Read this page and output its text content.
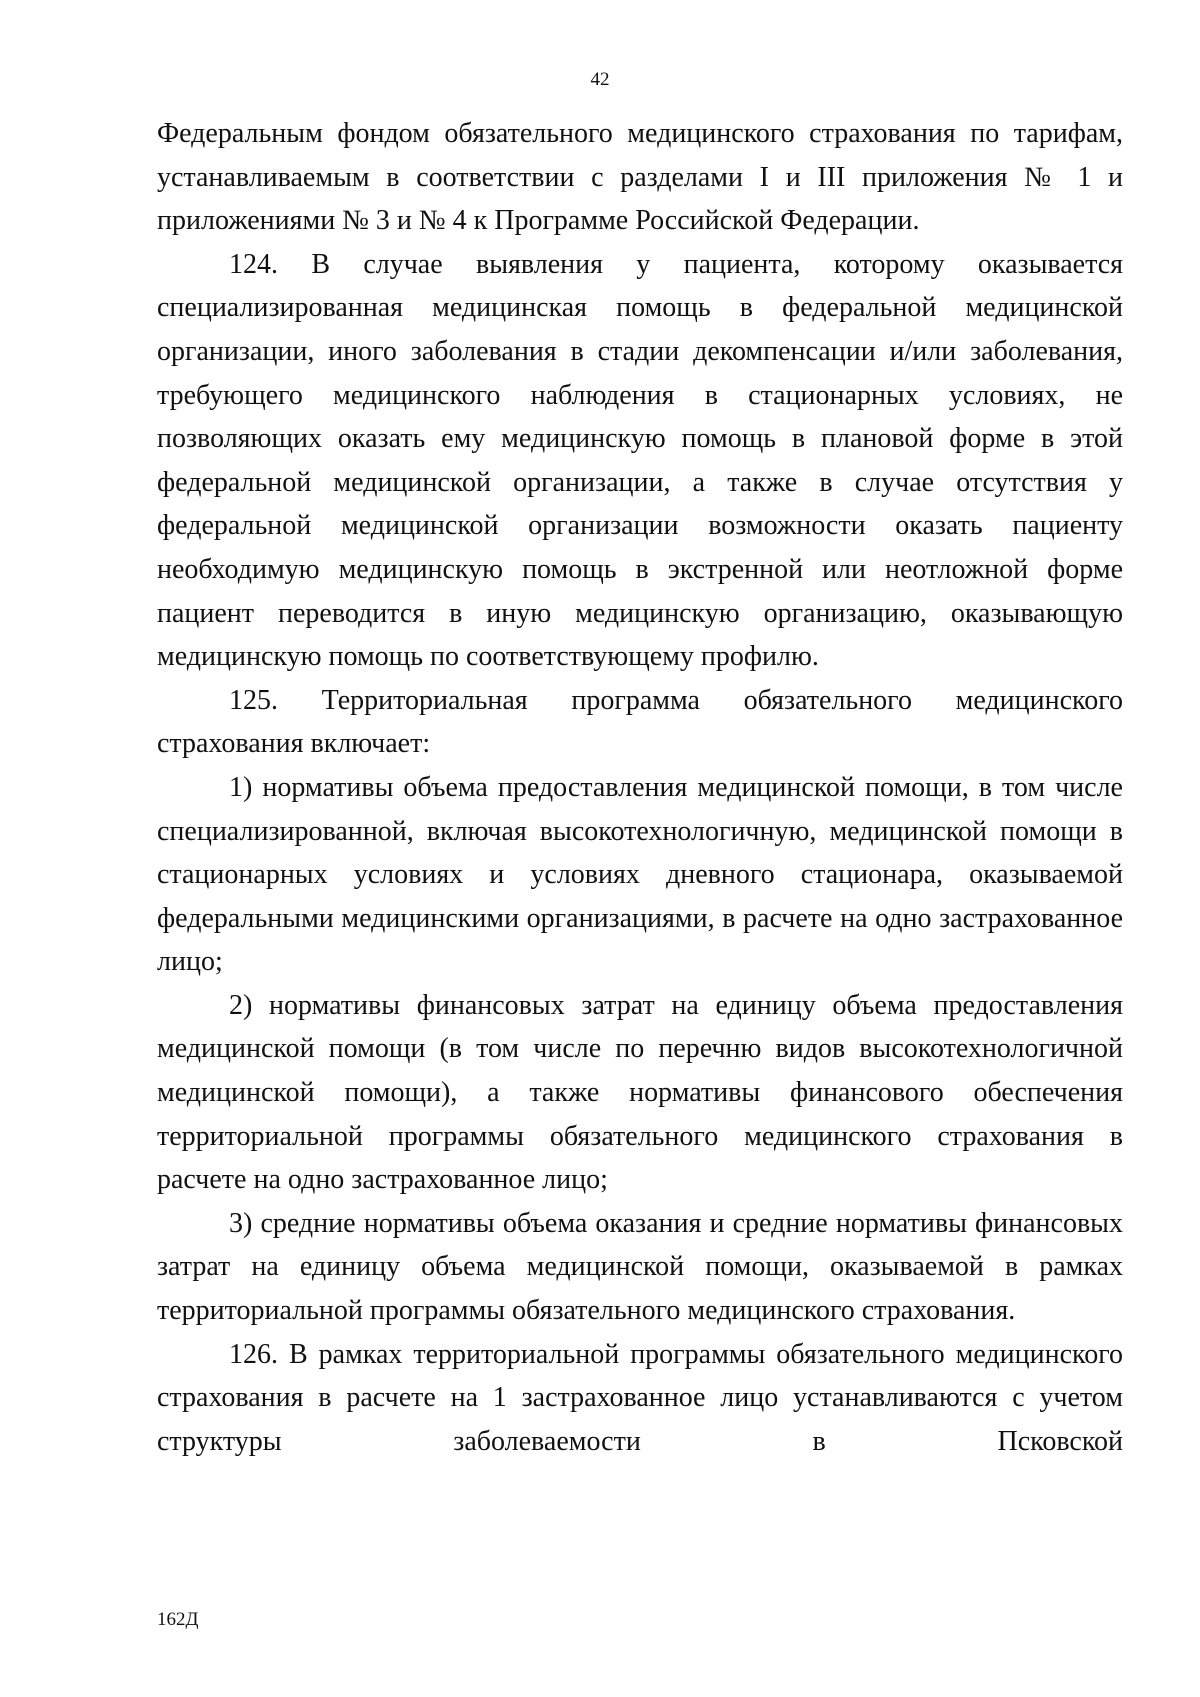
42

Федеральным фондом обязательного медицинского страхования по тарифам, устанавливаемым в соответствии с разделами I и III приложения № 1 и приложениями № 3 и № 4 к Программе Российской Федерации.

124. В случае выявления у пациента, которому оказывается специализированная медицинская помощь в федеральной медицинской организации, иного заболевания в стадии декомпенсации и/или заболевания, требующего медицинского наблюдения в стационарных условиях, не позволяющих оказать ему медицинскую помощь в плановой форме в этой федеральной медицинской организации, а также в случае отсутствия у федеральной медицинской организации возможности оказать пациенту необходимую медицинскую помощь в экстренной или неотложной форме пациент переводится в иную медицинскую организацию, оказывающую медицинскую помощь по соответствующему профилю.

125. Территориальная программа обязательного медицинского страхования включает:

1) нормативы объема предоставления медицинской помощи, в том числе специализированной, включая высокотехнологичную, медицинской помощи в стационарных условиях и условиях дневного стационара, оказываемой федеральными медицинскими организациями, в расчете на одно застрахованное лицо;

2) нормативы финансовых затрат на единицу объема предоставления медицинской помощи (в том числе по перечню видов высокотехнологичной медицинской помощи), а также нормативы финансового обеспечения территориальной программы обязательного медицинского страхования в расчете на одно застрахованное лицо;

3) средние нормативы объема оказания и средние нормативы финансовых затрат на единицу объема медицинской помощи, оказываемой в рамках территориальной программы обязательного медицинского страхования.

126. В рамках территориальной программы обязательного медицинского страхования в расчете на 1 застрахованное лицо устанавливаются с учетом структуры заболеваемости в Псковской

162Д
